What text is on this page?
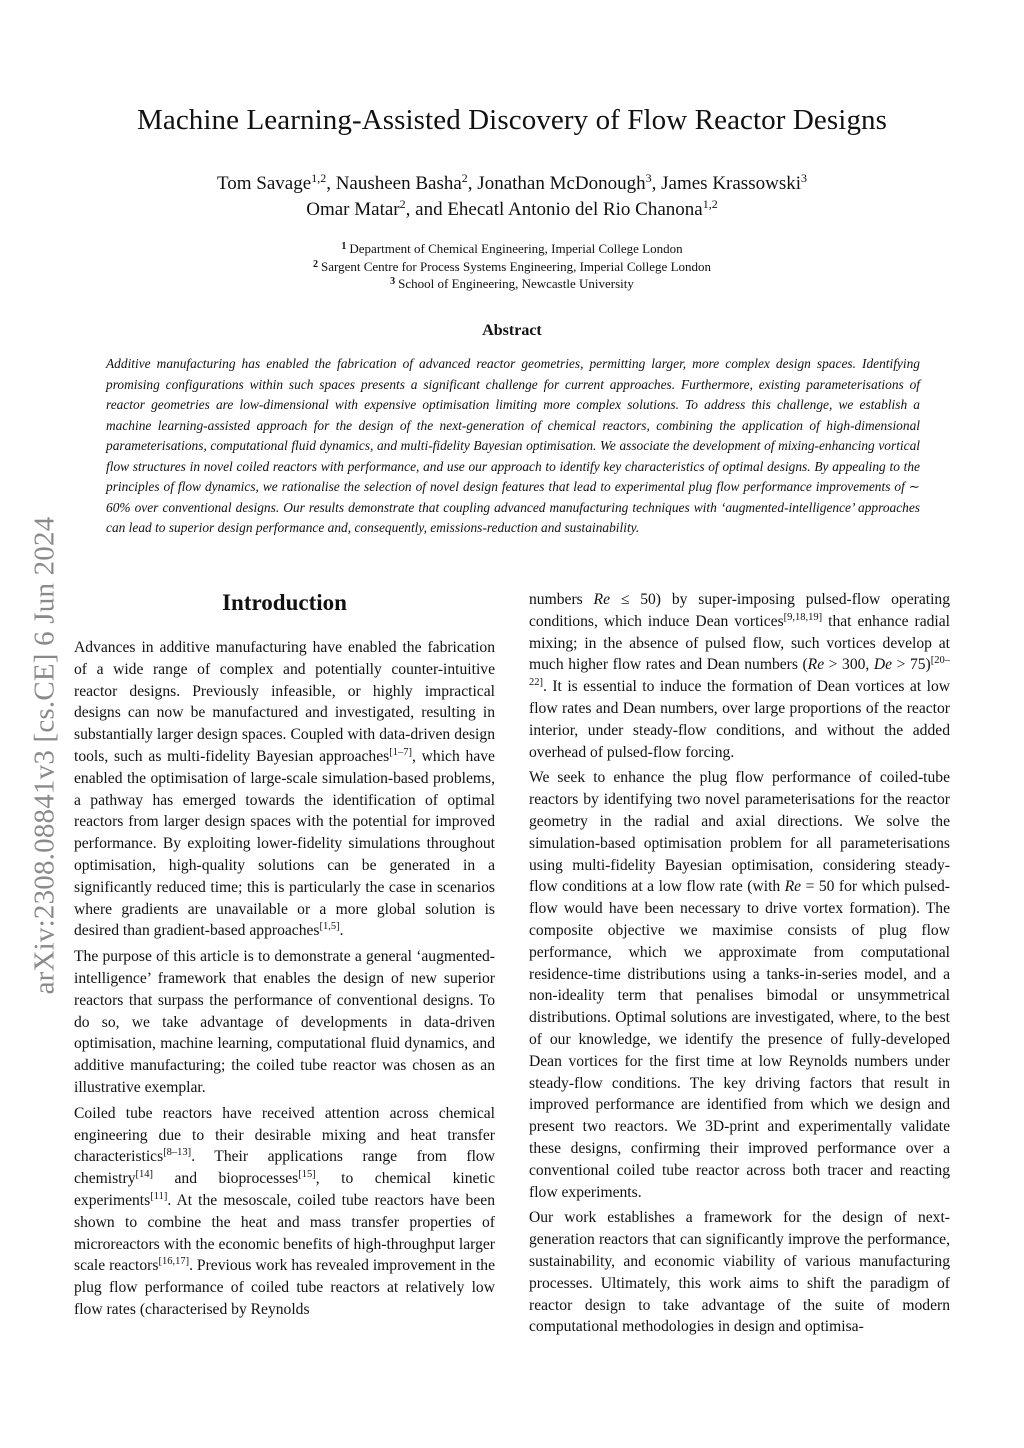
arXiv:2308.08841v3 [cs.CE] 6 Jun 2024
Machine Learning-Assisted Discovery of Flow Reactor Designs
Tom Savage$^{1,2}$, Nausheen Basha$^2$, Jonathan McDonough$^3$, James Krassowski$^3$
Omar Matar$^2$, and Ehecatl Antonio del Rio Chanona$^{1,2}$
$^1$ Department of Chemical Engineering, Imperial College London
$^2$ Sargent Centre for Process Systems Engineering, Imperial College London
$^3$ School of Engineering, Newcastle University
Abstract

Additive manufacturing has enabled the fabrication of advanced reactor geometries, permitting larger, more complex design spaces. Identifying promising configurations within such spaces presents a significant challenge for current approaches. Furthermore, existing parameterisations of reactor geometries are low-dimensional with expensive optimisation limiting more complex solutions. To address this challenge, we establish a machine learning-assisted approach for the design of the next-generation of chemical reactors, combining the application of high-dimensional parameterisations, computational fluid dynamics, and multi-fidelity Bayesian optimisation. We associate the development of mixing-enhancing vortical flow structures in novel coiled reactors with performance, and use our approach to identify key characteristics of optimal designs. By appealing to the principles of flow dynamics, we rationalise the selection of novel design features that lead to experimental plug flow performance improvements of ∼ 60% over conventional designs. Our results demonstrate that coupling advanced manufacturing techniques with ‘augmented-intelligence’ approaches can lead to superior design performance and, consequently, emissions-reduction and sustainability.

Introduction

Advances in additive manufacturing have enabled the fabrication of a wide range of complex and potentially counter-intuitive reactor designs. Previously infeasible, or highly impractical designs can now be manufactured and investigated, resulting in substantially larger design spaces. Coupled with data-driven design tools, such as multi-fidelity Bayesian approaches[1–7], which have enabled the optimisation of large-scale simulation-based problems, a pathway has emerged towards the identification of optimal reactors from larger design spaces with the potential for improved performance. By exploiting lower-fidelity simulations throughout optimisation, high-quality solutions can be generated in a significantly reduced time; this is particularly the case in scenarios where gradients are unavailable or a more global solution is desired than gradient-based approaches[1,5].

The purpose of this article is to demonstrate a general ‘augmented-intelligence’ framework that enables the design of new superior reactors that surpass the performance of conventional designs. To do so, we take advantage of developments in data-driven optimisation, machine learning, computational fluid dynamics, and additive manufacturing; the coiled tube reactor was chosen as an illustrative exemplar.

Coiled tube reactors have received attention across chemical engineering due to their desirable mixing and heat transfer characteristics[8–13]. Their applications range from flow chemistry[14] and bioprocesses[15], to chemical kinetic experiments[11]. At the mesoscale, coiled tube reactors have been shown to combine the heat and mass transfer properties of microreactors with the economic benefits of high-throughput larger scale reactors[16,17]. Previous work has revealed improvement in the plug flow performance of coiled tube reactors at relatively low flow rates (characterised by Reynolds

numbers Re ≤ 50) by super-imposing pulsed-flow operating conditions, which induce Dean vortices[9,18,19] that enhance radial mixing; in the absence of pulsed flow, such vortices develop at much higher flow rates and Dean numbers (Re > 300, De > 75)[20–22]. It is essential to induce the formation of Dean vortices at low flow rates and Dean numbers, over large proportions of the reactor interior, under steady-flow conditions, and without the added overhead of pulsed-flow forcing.

We seek to enhance the plug flow performance of coiled-tube reactors by identifying two novel parameterisations for the reactor geometry in the radial and axial directions. We solve the simulation-based optimisation problem for all parameterisations using multi-fidelity Bayesian optimisation, considering steady-flow conditions at a low flow rate (with Re = 50 for which pulsed-flow would have been necessary to drive vortex formation). The composite objective we maximise consists of plug flow performance, which we approximate from computational residence-time distributions using a tanks-in-series model, and a non-ideality term that penalises bimodal or unsymmetrical distributions. Optimal solutions are investigated, where, to the best of our knowledge, we identify the presence of fully-developed Dean vortices for the first time at low Reynolds numbers under steady-flow conditions. The key driving factors that result in improved performance are identified from which we design and present two reactors. We 3D-print and experimentally validate these designs, confirming their improved performance over a conventional coiled tube reactor across both tracer and reacting flow experiments.

Our work establishes a framework for the design of next-generation reactors that can significantly improve the performance, sustainability, and economic viability of various manufacturing processes. Ultimately, this work aims to shift the paradigm of reactor design to take advantage of the suite of modern computational methodologies in design and optimisa-
